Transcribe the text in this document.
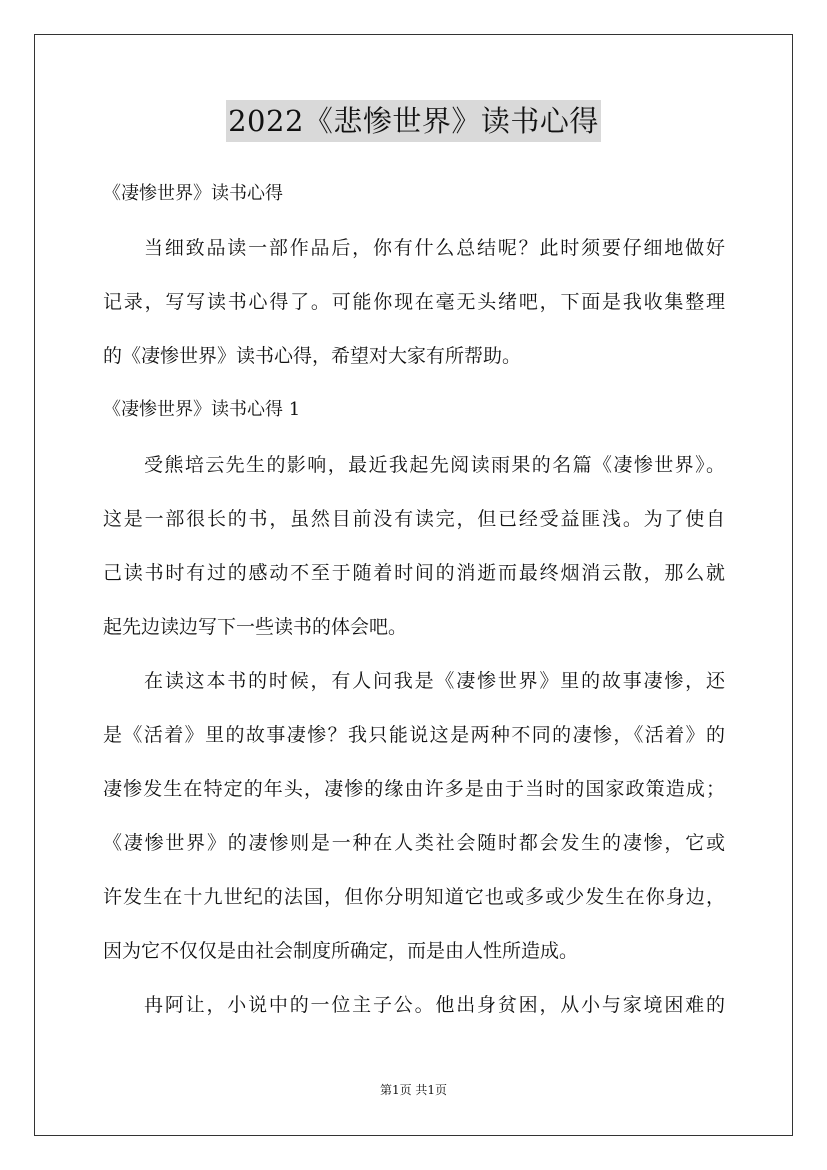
2022《悲惨世界》读书心得
《凄惨世界》读书心得
当细致品读一部作品后，你有什么总结呢？此时须要仔细地做好
记录，写写读书心得了。可能你现在毫无头绪吧，下面是我收集整理
的《凄惨世界》读书心得，希望对大家有所帮助。
《凄惨世界》读书心得 1
受熊培云先生的影响，最近我起先阅读雨果的名篇《凄惨世界》。
这是一部很长的书，虽然目前没有读完，但已经受益匪浅。为了使自
己读书时有过的感动不至于随着时间的消逝而最终烟消云散，那么就
起先边读边写下一些读书的体会吧。
在读这本书的时候，有人问我是《凄惨世界》里的故事凄惨，还
是《活着》里的故事凄惨？我只能说这是两种不同的凄惨，《活着》的
凄惨发生在特定的年头，凄惨的缘由许多是由于当时的国家政策造成；
《凄惨世界》的凄惨则是一种在人类社会随时都会发生的凄惨，它或
许发生在十九世纪的法国，但你分明知道它也或多或少发生在你身边，
因为它不仅仅是由社会制度所确定，而是由人性所造成。
冉阿让，小说中的一位主子公。他出身贫困，从小与家境困难的
第1页 共1页
